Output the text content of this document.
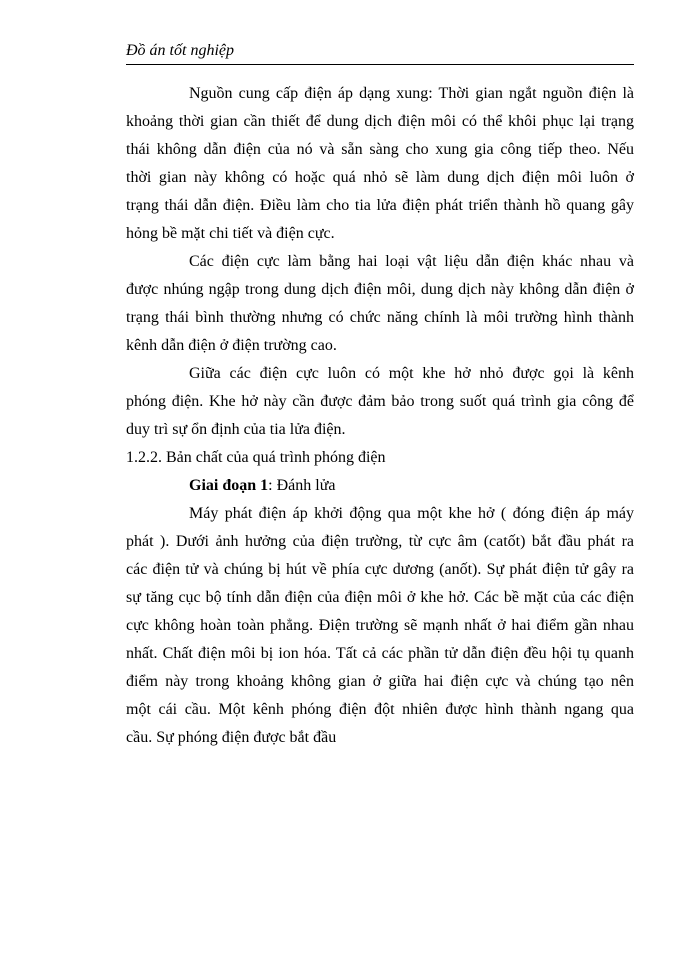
Đồ án tốt nghiệp
Nguồn cung cấp điện áp dạng xung: Thời gian ngắt nguồn điện là
khoảng thời gian cần thiết để dung dịch điện môi có thể khôi phục lại trạng
thái không dẫn điện của nó và sẵn sàng cho xung gia công tiếp theo. Nếu
thời gian này không có hoặc quá nhỏ sẽ làm dung dịch điện môi luôn ở
trạng thái dẫn điện. Điều làm cho tia lửa điện phát triển thành hồ quang gây
hỏng bề mặt chi tiết và điện cực.
Các điện cực làm bằng hai loại vật liệu dẫn điện khác nhau và
được nhúng ngập trong dung dịch điện môi, dung dịch này không dẫn điện ở
trạng thái bình thường nhưng có chức năng chính là môi trường hình thành
kênh dẫn điện ở điện trường cao.
Giữa các điện cực luôn có một khe hở nhỏ được gọi là kênh
phóng điện. Khe hở này cần được đảm bảo trong suốt quá trình gia công để
duy trì sự ổn định của tia lửa điện.
1.2.2. Bản chất của quá trình phóng điện
Giai đoạn 1: Đánh lửa
Máy phát điện áp khởi động qua một khe hở ( đóng điện áp máy
phát ). Dưới ảnh hưởng của điện trường, từ cực âm (catốt) bắt đầu phát ra
các điện tử và chúng bị hút về phía cực dương (anốt). Sự phát điện tử gây ra
sự tăng cục bộ tính dẫn điện của điện môi ở khe hở. Các bề mặt của các điện
cực không hoàn toàn phẳng. Điện trường sẽ mạnh nhất ở hai điểm gần nhau
nhất. Chất điện môi bị ion hóa. Tất cả các phần tử dẫn điện đều hội tụ quanh
điểm này trong khoảng không gian ở giữa hai điện cực và chúng tạo nên
một cái cầu. Một kênh phóng điện đột nhiên được hình thành ngang qua
cầu. Sự phóng điện được bắt đầu
